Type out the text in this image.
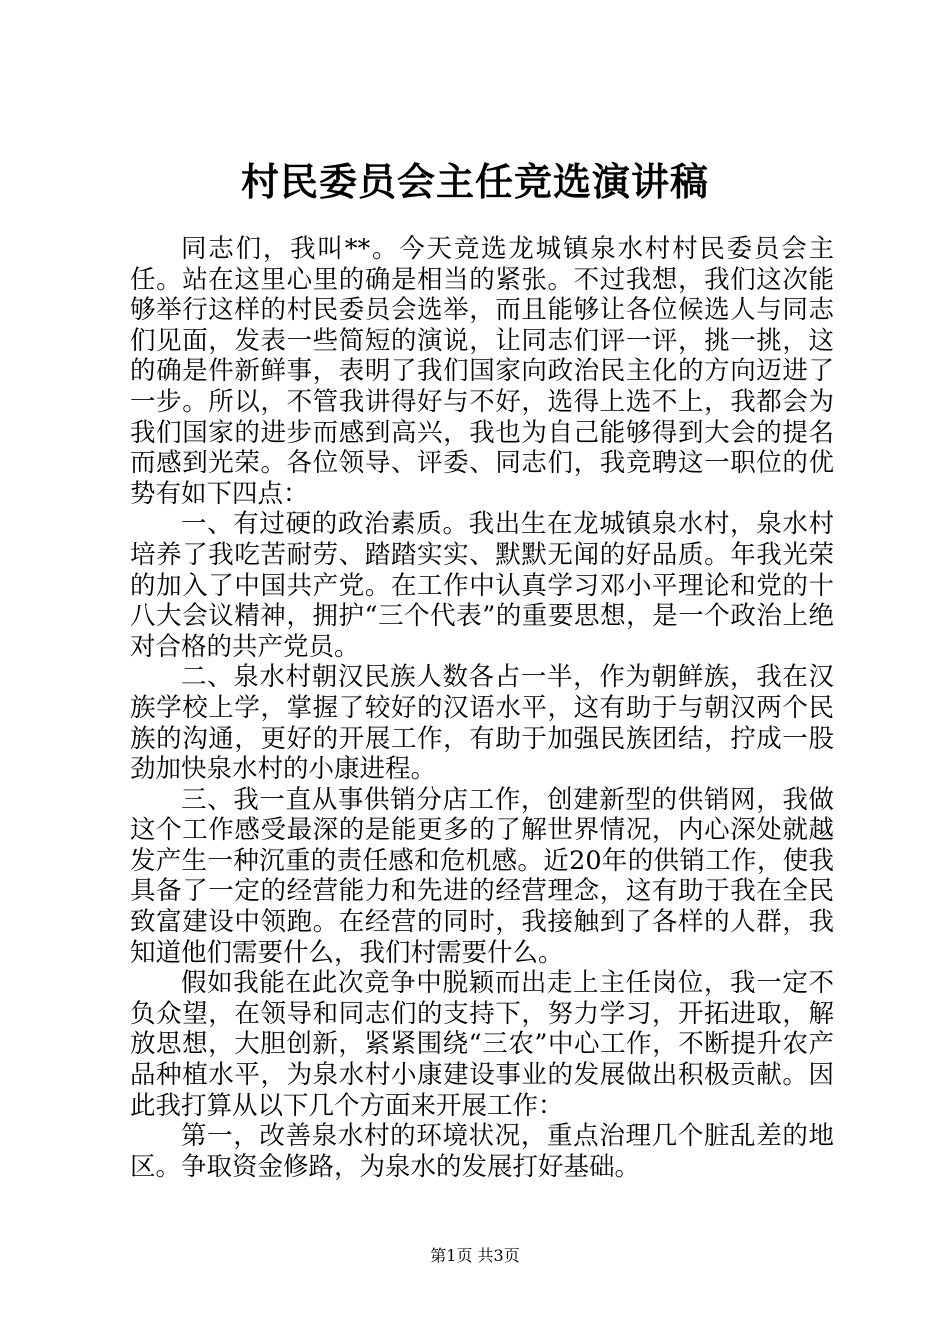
村民委员会主任竞选演讲稿

同志们，我叫**。今天竞选龙城镇泉水村村民委员会主任。站在这里心里的确是相当的紧张。不过我想，我们这次能够举行这样的村民委员会选举，而且能够让各位候选人与同志们见面，发表一些简短的演说，让同志们评一评，挑一挑，这的确是件新鲜事，表明了我们国家向政治民主化的方向迈进了一步。所以，不管我讲得好与不好，选得上选不上，我都会为我们国家的进步而感到高兴，我也为自己能够得到大会的提名而感到光荣。各位领导、评委、同志们，我竞聘这一职位的优势有如下四点：

一、有过硬的政治素质。我出生在龙城镇泉水村，泉水村培养了我吃苦耐劳、踏踏实实、默默无闻的好品质。年我光荣的加入了中国共产党。在工作中认真学习邓小平理论和党的十八大会议精神，拥护“三个代表”的重要思想，是一个政治上绝对合格的共产党员。

二、泉水村朝汉民族人数各占一半，作为朝鲜族，我在汉族学校上学，掌握了较好的汉语水平，这有助于与朝汉两个民族的沟通，更好的开展工作，有助于加强民族团结，拧成一股劲加快泉水村的小康进程。

三、我一直从事供销分店工作，创建新型的供销网，我做这个工作感受最深的是能更多的了解世界情况，内心深处就越发产生一种沉重的责任感和危机感。近20年的供销工作，使我具备了一定的经营能力和先进的经营理念，这有助于我在全民致富建设中领跑。在经营的同时，我接触到了各样的人群，我知道他们需要什么，我们村需要什么。

假如我能在此次竞争中脱颖而出走上主任岗位，我一定不负众望，在领导和同志们的支持下，努力学习，开拓进取，解放思想，大胆创新，紧紧围绕“三农”中心工作，不断提升农产品种植水平，为泉水村小康建设事业的发展做出积极贡献。因此我打算从以下几个方面来开展工作：

第一，改善泉水村的环境状况，重点治理几个脏乱差的地区。争取资金修路，为泉水的发展打好基础。

第1页 共3页
